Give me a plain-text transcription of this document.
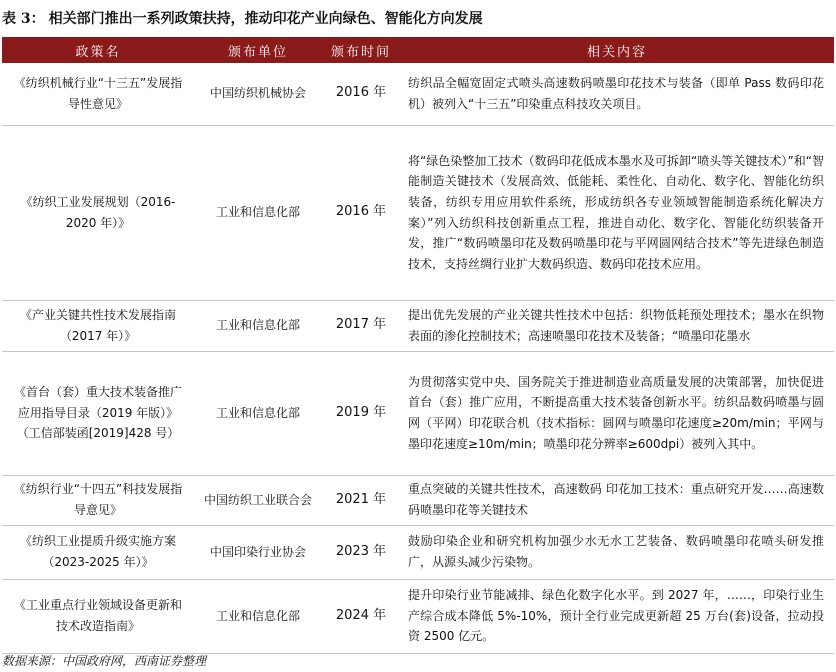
表 3： 相关部门推出一系列政策扶持，推动印花产业向绿色、智能化方向发展
政策名	颁布单位	颁布时间	相关内容
《纺织机械行业“十三五”发展指导性意见》	中国纺织机械协会	2016 年	纺织品全幅宽固定式喷头高速数码喷墨印花技术与装备（即单 Pass 数码印花机）被列入“十三五”印染重点科技攻关项目。
《纺织工业发展规划（2016-2020 年）》	工业和信息化部	2016 年	将“绿色染整加工技术（数码印花低成本墨水及可拆卸“喷头等关键技术）”和“智能制造关键技术（发展高效、低能耗、柔性化、自动化、数字化、智能化纺织装备，纺织专用应用软件系统，形成纺织各专业领域智能制造系统化解决方案）”列入纺织科技创新重点工程，推进自动化、数字化、智能化纺织装备开发，推广“数码喷墨印花及数码喷墨印花与平网圆网结合技术”等先进绿色制造技术，支持丝绸行业扩大数码织造、数码印花技术应用。
《产业关键共性技术发展指南（2017 年）》	工业和信息化部	2017 年	提出优先发展的产业关键共性技术中包括：织物低耗预处理技术；墨水在织物表面的渗化控制技术；高速喷墨印花技术及装备；“喷墨印花墨水
《首台（套）重大技术装备推广应用指导目录（2019 年版）》（工信部装函[2019]428 号）	工业和信息化部	2019 年	为贯彻落实党中央、国务院关于推进制造业高质量发展的决策部署，加快促进首台（套）推广应用，不断提高重大技术装备创新水平。纺织品数码喷墨与圆网（平网）印花联合机（技术指标：圆网与喷墨印花速度≥20m/min；平网与墨印花速度≥10m/min；喷墨印花分辨率≥600dpi）被列入其中。
《纺织行业“十四五”科技发展指导意见》	中国纺织工业联合会	2021 年	重点突破的关键共性技术，高速数码 印花加工技术：重点研究开发……高速数码喷墨印花等关键技术
《纺织工业提质升级实施方案（2023-2025 年）》	中国印染行业协会	2023 年	鼓励印染企业和研究机构加强少水无水工艺装备、数码喷墨印花喷头研发推广，从源头减少污染物。
《工业重点行业领域设备更新和技术改造指南》	工业和信息化部	2024 年	提升印染行业节能减排、绿色化数字化水平。到 2027 年，……，印染行业生产综合成本降低 5%-10%，预计全行业完成更新超 25 万台(套)设备，拉动投资 2500 亿元。
数据来源：中国政府网，西南证券整理
